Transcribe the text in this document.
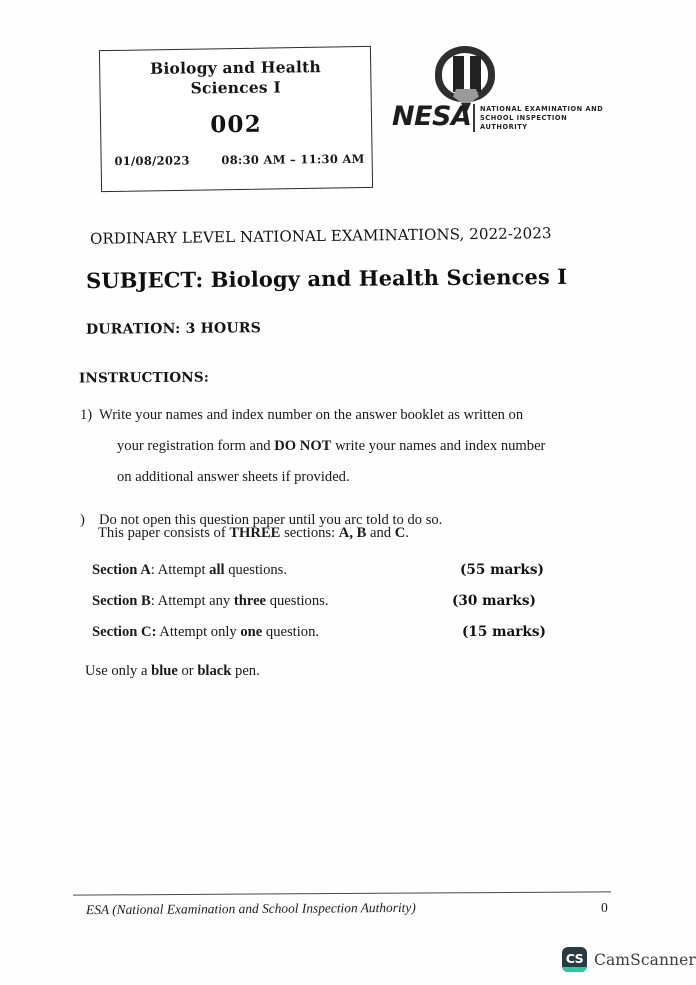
Biology and Health
Sciences I
002
01/08/2023	08:30 AM – 11:30 AM
NESA NATIONAL EXAMINATION AND
SCHOOL INSPECTION
AUTHORITY
ORDINARY LEVEL NATIONAL EXAMINATIONS, 2022-2023
SUBJECT: Biology and Health Sciences I
DURATION: 3 HOURS
INSTRUCTIONS:
1) Write your names and index number on the answer booklet as written on
your registration form and DO NOT write your names and index number
on additional answer sheets if provided.
) Do not open this question paper until you arc told to do so.
This paper consists of THREE sections: A, B and C.
Section A: Attempt all questions.	(55 marks)
Section B: Attempt any three questions.	(30 marks)
Section C: Attempt only one question.	(15 marks)
Use only a blue or black pen.
ESA (National Examination and School Inspection Authority)	0
CS CamScanner
